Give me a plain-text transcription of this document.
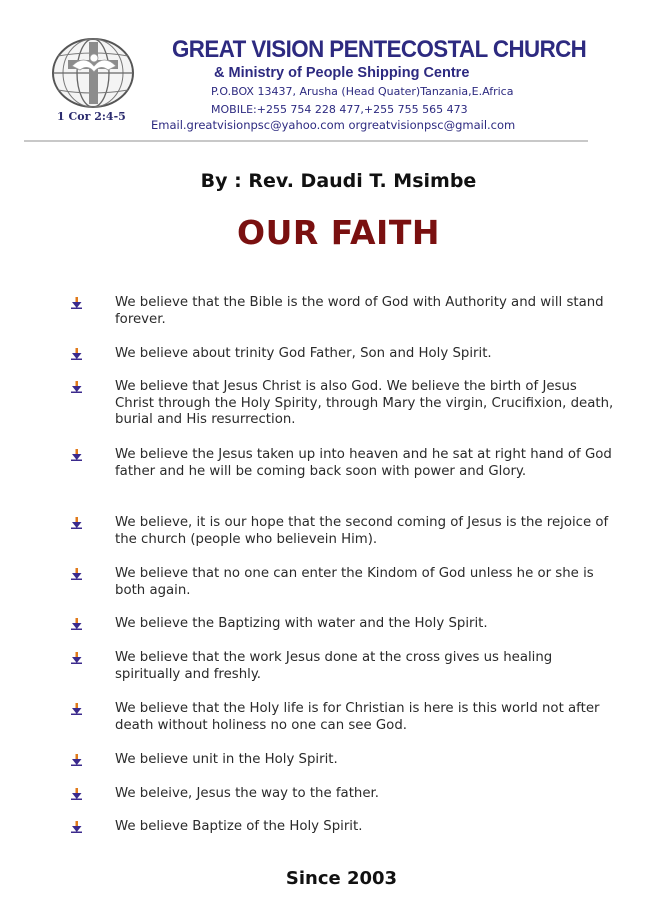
1 Cor 2:4-5
GREAT VISION PENTECOSTAL CHURCH
& Ministry of People Shipping Centre
P.O.BOX 13437, Arusha (Head Quater)Tanzania,E.Africa
MOBILE:+255 754 228 477,+255 755 565 473
Email.greatvisionpsc@yahoo.com orgreatvisionpsc@gmail.com
By : Rev. Daudi T. Msimbe
OUR FAITH
We believe that the Bible is the word of God with Authority and will stand forever.
We believe about trinity God Father, Son and Holy Spirit.
We believe that Jesus Christ is also God. We believe the birth of Jesus Christ through the Holy Spirity, through Mary the virgin, Crucifixion, death, burial and His resurrection.
We believe the Jesus taken up into heaven and he sat at right hand of God father and he will be coming back soon with power and Glory.
We believe, it is our hope that the second coming of Jesus is the rejoice of the church (people who believein Him).
We believe that no one can enter the Kindom of God unless he or she is both again.
We believe the Baptizing with water and the Holy Spirit.
We believe that the work Jesus done at the cross gives us healing spiritually and freshly.
We believe that the Holy life is for Christian is here is this world not after death without holiness no one can see God.
We believe unit in the Holy Spirit.
We beleive, Jesus the way to the father.
We believe Baptize of the Holy Spirit.
Since 2003
